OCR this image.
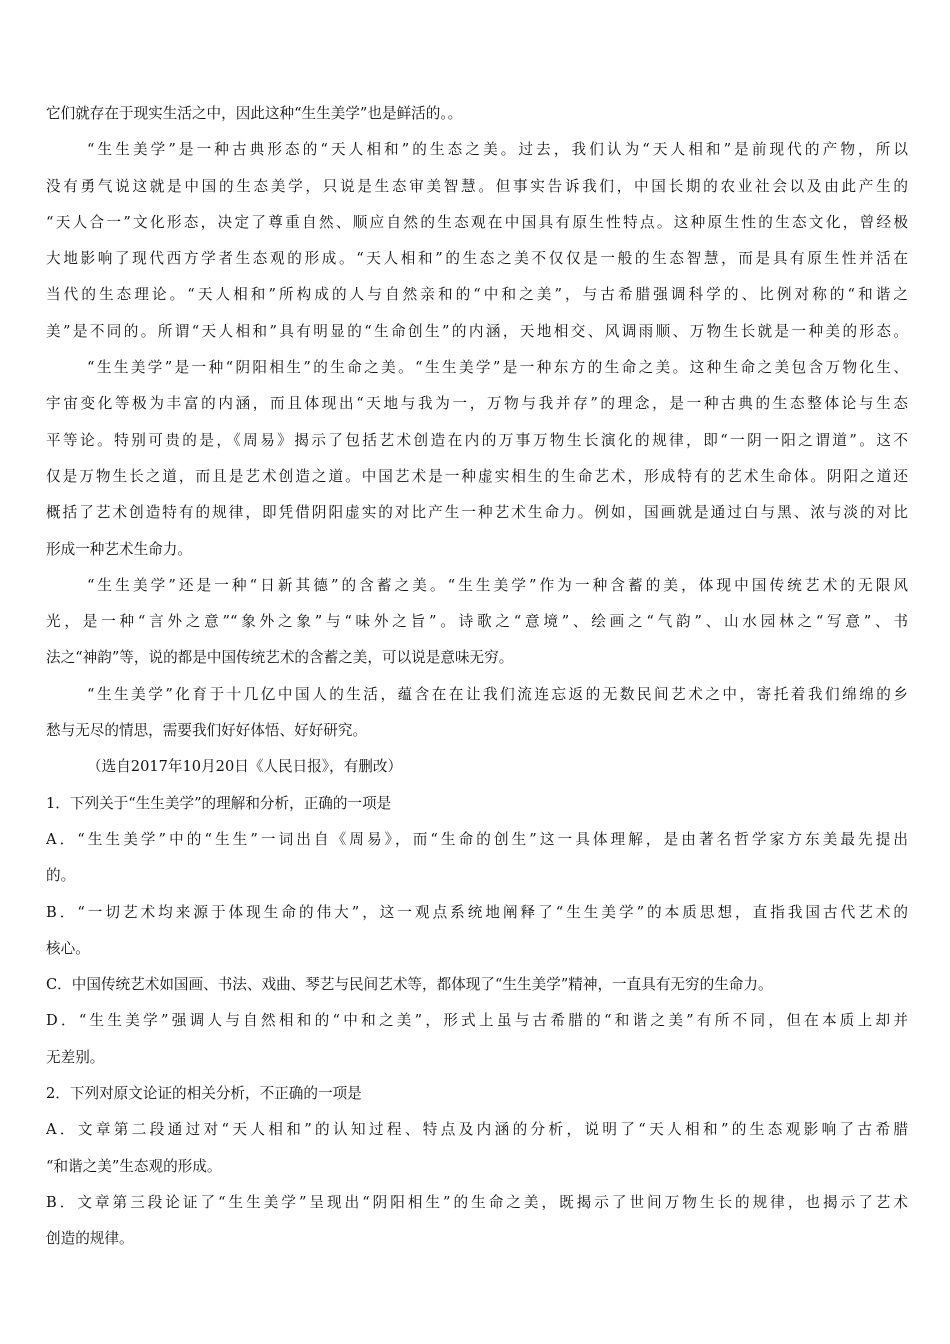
它们就存在于现实生活之中，因此这种“生生美学”也是鲜活的。。
“生生美学”是一种古典形态的“天人相和”的生态之美。过去，我们认为“天人相和”是前现代的产物，所以
没有勇气说这就是中国的生态美学，只说是生态审美智慧。但事实告诉我们，中国长期的农业社会以及由此产生的
“天人合一”文化形态，决定了尊重自然、顺应自然的生态观在中国具有原生性特点。这种原生性的生态文化，曾经极
大地影响了现代西方学者生态观的形成。“天人相和”的生态之美不仅仅是一般的生态智慧，而是具有原生性并活在
当代的生态理论。“天人相和”所构成的人与自然亲和的“中和之美”，与古希腊强调科学的、比例对称的“和谐之
美”是不同的。所谓“天人相和”具有明显的“生命创生”的内涵，天地相交、风调雨顺、万物生长就是一种美的形态。
“生生美学”是一种“阴阳相生”的生命之美。“生生美学”是一种东方的生命之美。这种生命之美包含万物化生、
宇宙变化等极为丰富的内涵，而且体现出“天地与我为一，万物与我并存”的理念，是一种古典的生态整体论与生态
平等论。特别可贵的是，《周易》揭示了包括艺术创造在内的万事万物生长演化的规律，即“一阴一阳之谓道”。这不
仅是万物生长之道，而且是艺术创造之道。中国艺术是一种虚实相生的生命艺术，形成特有的艺术生命体。阴阳之道还
概括了艺术创造特有的规律，即凭借阴阳虚实的对比产生一种艺术生命力。例如，国画就是通过白与黑、浓与淡的对比
形成一种艺术生命力。
“生生美学”还是一种“日新其德”的含蓄之美。“生生美学”作为一种含蓄的美，体现中国传统艺术的无限风
光，是一种“言外之意”“象外之象”与“味外之旨”。诗歌之“意境”、绘画之“气韵”、山水园林之“写意”、书
法之“神韵”等，说的都是中国传统艺术的含蓄之美，可以说是意味无穷。
“生生美学”化育于十几亿中国人的生活，蕴含在在让我们流连忘返的无数民间艺术之中，寄托着我们绵绵的乡
愁与无尽的情思，需要我们好好体悟、好好研究。
（选自2017年10月20日《人民日报》，有删改）
1．下列关于“生生美学”的理解和分析，正确的一项是
A．“生生美学”中的“生生”一词出自《周易》，而“生命的创生”这一具体理解，是由著名哲学家方东美最先提出
的。
B．“一切艺术均来源于体现生命的伟大”，这一观点系统地阐释了“生生美学”的本质思想，直指我国古代艺术的
核心。
C．中国传统艺术如国画、书法、戏曲、琴艺与民间艺术等，都体现了“生生美学”精神，一直具有无穷的生命力。
D．“生生美学”强调人与自然相和的“中和之美”，形式上虽与古希腊的“和谐之美”有所不同，但在本质上却并
无差别。
2．下列对原文论证的相关分析，不正确的一项是
A．文章第二段通过对“天人相和”的认知过程、特点及内涵的分析，说明了“天人相和”的生态观影响了古希腊
“和谐之美”生态观的形成。
B．文章第三段论证了“生生美学”呈现出“阴阳相生”的生命之美，既揭示了世间万物生长的规律，也揭示了艺术
创造的规律。
